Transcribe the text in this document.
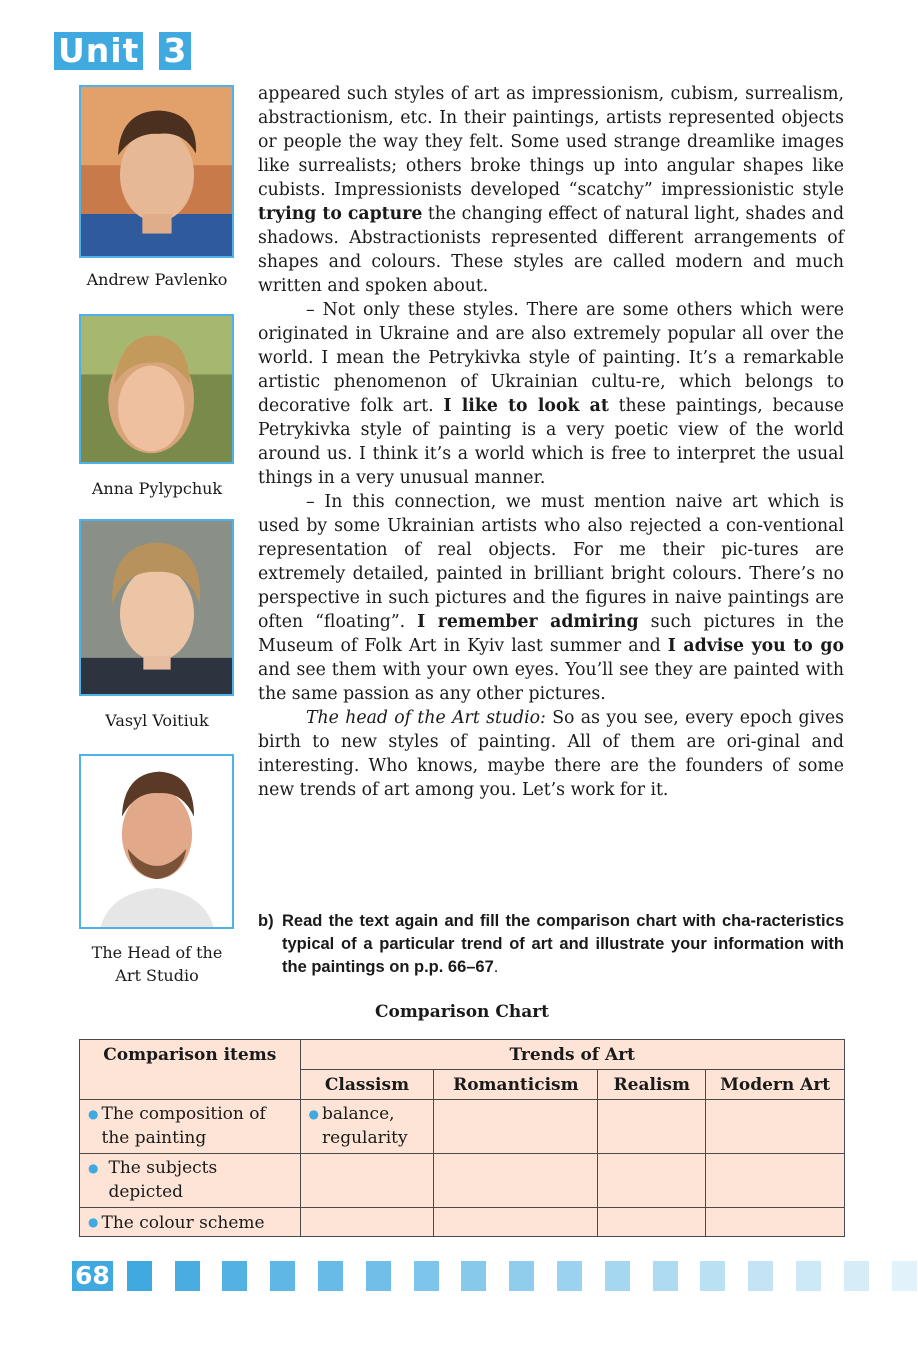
Unit 3
Andrew Pavlenko
Anna Pylypchuk
Vasyl Voitiuk
The Head of the
Art Studio

appeared such styles of art as impressionism, cubism, surrealism, abstractionism, etc. In their paintings, artists represented objects or people the way they felt. Some used strange dreamlike images like surrealists; others broke things up into angular shapes like cubists. Impressionists developed “scatchy” impressionistic style trying to capture the changing effect of natural light, shades and shadows. Abstractionists represented different arrangements of shapes and colours. These styles are called modern and much written and spoken about.

– Not only these styles. There are some others which were originated in Ukraine and are also extremely popular all over the world. I mean the Petrykivka style of painting. It’s a remarkable artistic phenomenon of Ukrainian cultu-re, which belongs to decorative folk art. I like to look at these paintings, because Petrykivka style of painting is a very poetic view of the world around us. I think it’s a world which is free to interpret the usual things in a very unusual manner.

– In this connection, we must mention naive art which is used by some Ukrainian artists who also rejected a con-ventional representation of real objects. For me their pic-tures are extremely detailed, painted in brilliant bright colours. There’s no perspective in such pictures and the figures in naive paintings are often “floating”. I remember admiring such pictures in the Museum of Folk Art in Kyiv last summer and I advise you to go and see them with your own eyes. You’ll see they are painted with the same passion as any other pictures.

The head of the Art studio: So as you see, every epoch gives birth to new styles of painting. All of them are ori-ginal and interesting. Who knows, maybe there are the founders of some new trends of art among you. Let’s work for it.

b) Read the text again and fill the comparison chart with cha-racteristics typical of a particular trend of art and illustrate your information with the paintings on p.p. 66–67.
Comparison Chart
Comparison items	Trends of Art			
	Classism	Romanticism	Realism	Modern Art

● The composition of the painting	● balance, regularity			

● The subjects depicted				

● The colour scheme				
68
